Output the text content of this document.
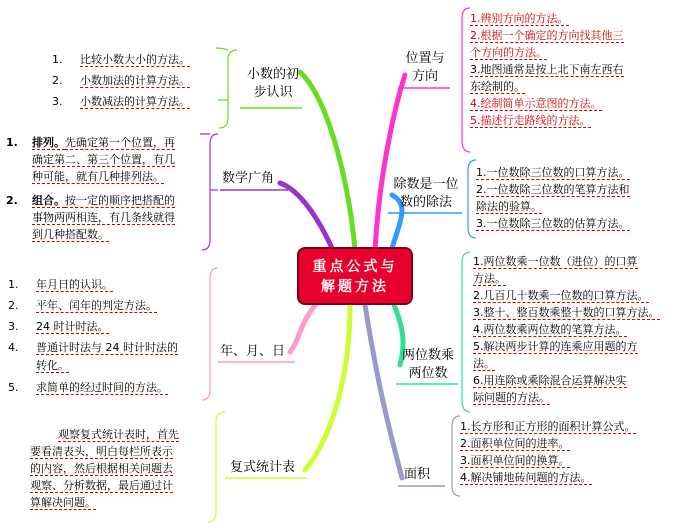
重点公式与
解题方法
小数的初
步认识
1. 比较小数大小的方法。
2. 小数加法的计算方法。
3. 小数减法的计算方法。
数学广角
1. 排列。先确定第一个位置，再
确定第二、第三个位置，有几
种可能，就有几种排列法。
2. 组合。按一定的顺序把搭配的
事物两两相连，有几条线就得
到几种搭配数。
年、月、日
1. 年月日的认识。
2. 平年、闰年的判定方法。
3. 24 时计时法。
4. 普通计时法与 24 时计时法的
转化。
5. 求简单的经过时间的方法。
复式统计表
观察复式统计表时，首先
要看清表头，明白每栏所表示
的内容，然后根据相关问题去
观察、分析数据，最后通过计
算解决问题。
位置与
方向
1.辨别方向的方法。
2.根据一个确定的方向找其他三
个方向的方法。
3.地图通常是按上北下南左西右
东绘制的。
4.绘制简单示意图的方法。
5.描述行走路线的方法。
除数是一位
数的除法
1.一位数除三位数的口算方法。
2.一位数除三位数的笔算方法和
除法的验算。
3.一位数除三位数的估算方法。
两位数乘
两位数
1.两位数乘一位数（进位）的口算
方法。
2.几百几十数乘一位数的口算方法。
3.整十、整百数乘整十数的口算方法。
4.两位数乘两位数的笔算方法。
5.解决两步计算的连乘应用题的方
法。
6.用连除或乘除混合运算解决实
际问题的方法。
面积
1.长方形和正方形的面积计算公式。
2.面积单位间的进率。
3.面积单位间的换算。
4.解决铺地砖问题的方法。
